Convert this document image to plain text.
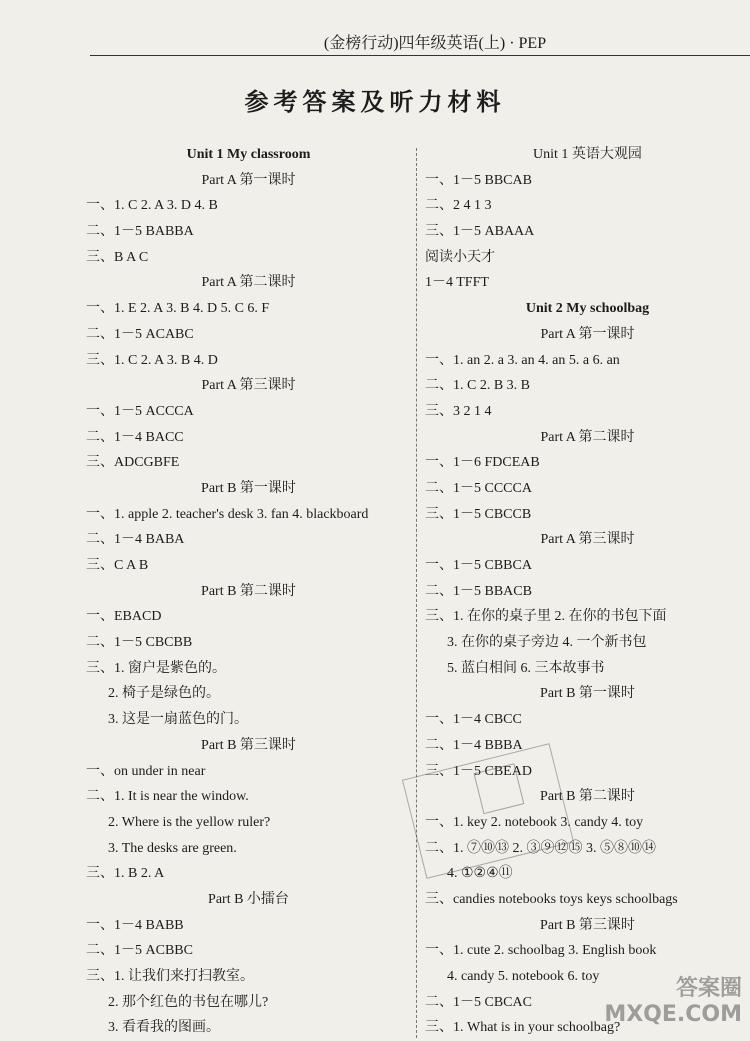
(金榜行动)四年级英语(上) · PEP
参考答案及听力材料
Unit 1 My classroom
Part A 第一课时
一、1. C 2. A 3. D 4. B
二、1－5 BABBA
三、B A C
Part A 第二课时
一、1. E 2. A 3. B 4. D 5. C 6. F
二、1－5 ACABC
三、1. C 2. A 3. B 4. D
Part A 第三课时
一、1－5 ACCCA
二、1－4 BACC
三、ADCGBFE
Part B 第一课时
一、1. apple 2. teacher's desk 3. fan 4. blackboard
二、1－4 BABA
三、C A B
Part B 第二课时
一、EBACD
二、1－5 CBCBB
三、1. 窗户是紫色的。
2. 椅子是绿色的。
3. 这是一扇蓝色的门。
Part B 第三课时
一、on under in near
二、1. It is near the window.
2. Where is the yellow ruler?
3. The desks are green.
三、1. B 2. A
Part B 小擂台
一、1－4 BABB
二、1－5 ACBBC
三、1. 让我们来打扫教室。
2. 那个红色的书包在哪儿?
3. 看看我的图画。
Unit 1 英语大观园
一、1－5 BBCAB
二、2 4 1 3
三、1－5 ABAAA
阅读小天才
1－4 TFFT
Unit 2 My schoolbag
Part A 第一课时
一、1. an 2. a 3. an 4. an 5. a 6. an
二、1. C 2. B 3. B
三、3 2 1 4
Part A 第二课时
一、1－6 FDCEAB
二、1－5 CCCCA
三、1－5 CBCCB
Part A 第三课时
一、1－5 CBBCA
二、1－5 BBACB
三、1. 在你的桌子里 2. 在你的书包下面
3. 在你的桌子旁边 4. 一个新书包
5. 蓝白相间 6. 三本故事书
Part B 第一课时
一、1－4 CBCC
二、1－4 BBBA
三、1－5 CBEAD
Part B 第二课时
一、1. key 2. notebook 3. candy 4. toy
二、1. ⑦⑩⑬ 2. ③⑨⑫⑮ 3. ⑤⑧⑩⑭
4. ①②④⑪
三、candies notebooks toys keys schoolbags
Part B 第三课时
一、1. cute 2. schoolbag 3. English book
4. candy 5. notebook 6. toy
二、1－5 CBCAC
三、1. What is in your schoolbag?
答案圈
MXQE.COM
